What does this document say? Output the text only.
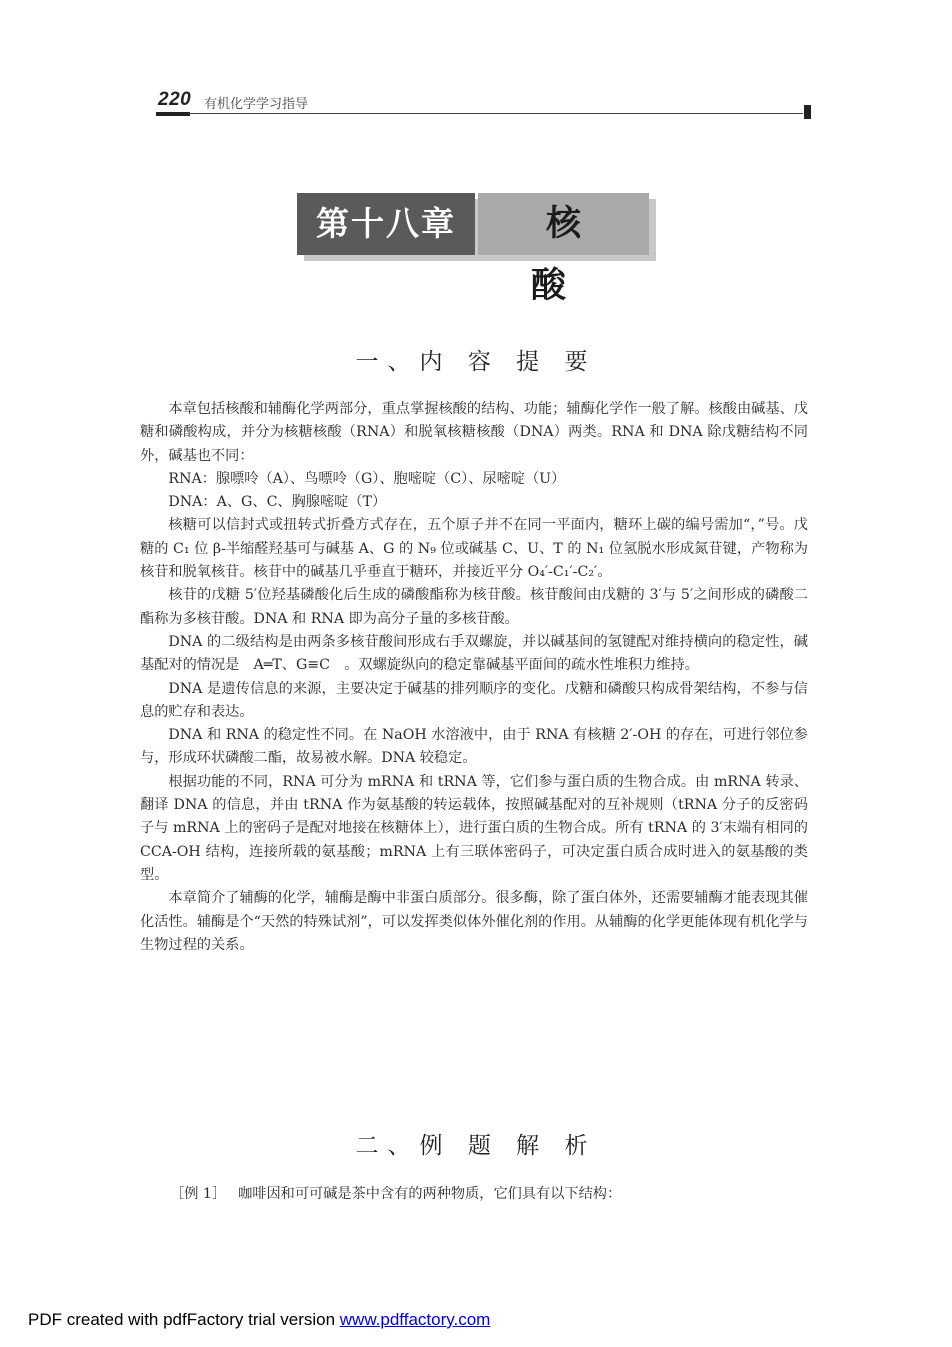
220 有机化学学习指导
第十八章	核　酸
一、内 容 提 要

本章包括核酸和辅酶化学两部分，重点掌握核酸的结构、功能；辅酶化学作一般了解。核酸由碱基、戊糖和磷酸构成，并分为核糖核酸（RNA）和脱氧核糖核酸（DNA）两类。RNA 和 DNA 除戊糖结构不同外，碱基也不同：

RNA：腺嘌呤（A）、鸟嘌呤（G）、胞嘧啶（C）、尿嘧啶（U）

DNA：A、G、C、胸腺嘧啶（T）

核糖可以信封式或扭转式折叠方式存在，五个原子并不在同一平面内，糖环上碳的编号需加“，”号。戊糖的 C₁ 位 β-半缩醛羟基可与碱基 A、G 的 N₉ 位或碱基 C、U、T 的 N₁ 位氢脱水形成氮苷键，产物称为核苷和脱氧核苷。核苷中的碱基几乎垂直于糖环，并接近平分 O₄′-C₁′-C₂′。

核苷的戊糖 5′位羟基磷酸化后生成的磷酸酯称为核苷酸。核苷酸间由戊糖的 3′与 5′之间形成的磷酸二酯称为多核苷酸。DNA 和 RNA 即为高分子量的多核苷酸。

DNA 的二级结构是由两条多核苷酸间形成右手双螺旋，并以碱基间的氢键配对维持横向的稳定性，碱基配对的情况是　A═T、G≡C　。双螺旋纵向的稳定靠碱基平面间的疏水性堆积力维持。

DNA 是遗传信息的来源，主要决定于碱基的排列顺序的变化。戊糖和磷酸只构成骨架结构，不参与信息的贮存和表达。

DNA 和 RNA 的稳定性不同。在 NaOH 水溶液中，由于 RNA 有核糖 2′-OH 的存在，可进行邻位参与，形成环状磷酸二酯，故易被水解。DNA 较稳定。

根据功能的不同，RNA 可分为 mRNA 和 tRNA 等，它们参与蛋白质的生物合成。由 mRNA 转录、翻译 DNA 的信息，并由 tRNA 作为氨基酸的转运载体，按照碱基配对的互补规则（tRNA 分子的反密码子与 mRNA 上的密码子是配对地接在核糖体上），进行蛋白质的生物合成。所有 tRNA 的 3′末端有相同的 CCA-OH 结构，连接所载的氨基酸；mRNA 上有三联体密码子，可决定蛋白质合成时进入的氨基酸的类型。

本章简介了辅酶的化学，辅酶是酶中非蛋白质部分。很多酶，除了蛋白体外，还需要辅酶才能表现其催化活性。辅酶是个“天然的特殊试剂”，可以发挥类似体外催化剂的作用。从辅酶的化学更能体现有机化学与生物过程的关系。

二、例 题 解 析
［例 1］ 咖啡因和可可碱是茶中含有的两种物质，它们具有以下结构：
PDF created with pdfFactory trial version www.pdffactory.com
